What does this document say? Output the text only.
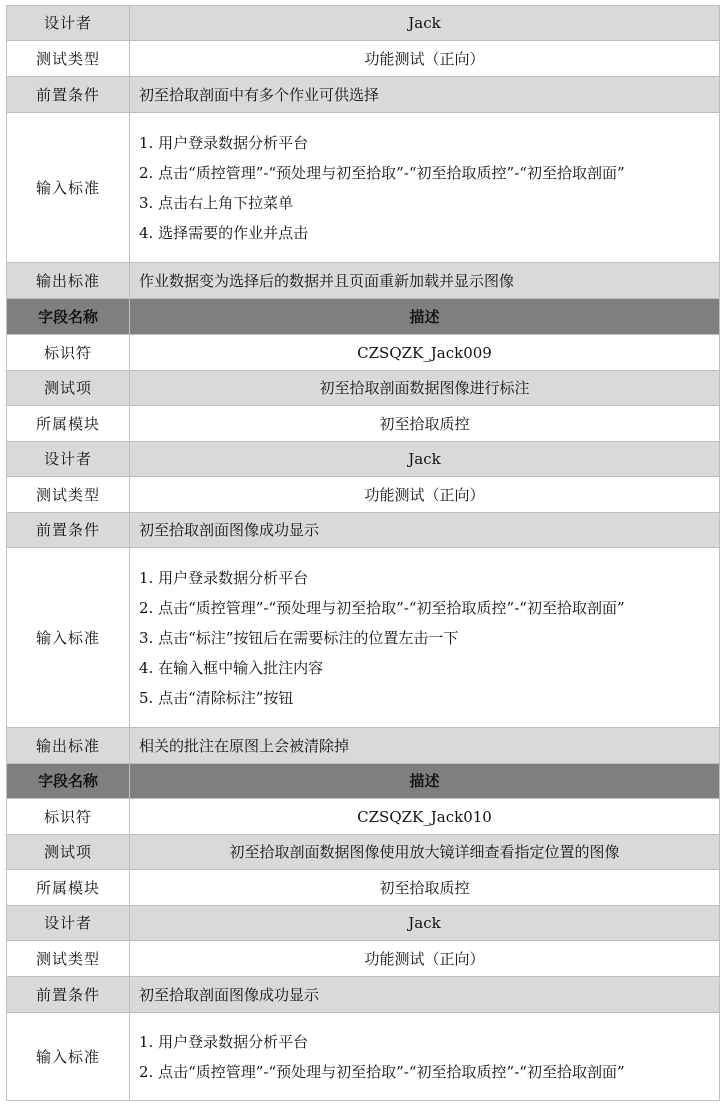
设计者	Jack
测试类型	功能测试（正向）
前置条件	初至拾取剖面中有多个作业可供选择
输入标准	1. 用户登录数据分析平台
2. 点击“质控管理”-“预处理与初至拾取”-“初至拾取质控”-“初至拾取剖面”
3. 点击右上角下拉菜单
4. 选择需要的作业并点击

输出标准	作业数据变为选择后的数据并且页面重新加载并显示图像
字段名称	描述
标识符	CZSQZK_Jack009
测试项	初至拾取剖面数据图像进行标注
所属模块	初至拾取质控
设计者	Jack
测试类型	功能测试（正向）
前置条件	初至拾取剖面图像成功显示
输入标准	1. 用户登录数据分析平台
2. 点击“质控管理”-“预处理与初至拾取”-“初至拾取质控”-“初至拾取剖面”
3. 点击“标注”按钮后在需要标注的位置左击一下
4. 在输入框中输入批注内容
5. 点击“清除标注”按钮

输出标准	相关的批注在原图上会被清除掉
字段名称	描述
标识符	CZSQZK_Jack010
测试项	初至拾取剖面数据图像使用放大镜详细查看指定位置的图像
所属模块	初至拾取质控
设计者	Jack
测试类型	功能测试（正向）
前置条件	初至拾取剖面图像成功显示
输入标准	1. 用户登录数据分析平台
2. 点击“质控管理”-“预处理与初至拾取”-“初至拾取质控”-“初至拾取剖面”
